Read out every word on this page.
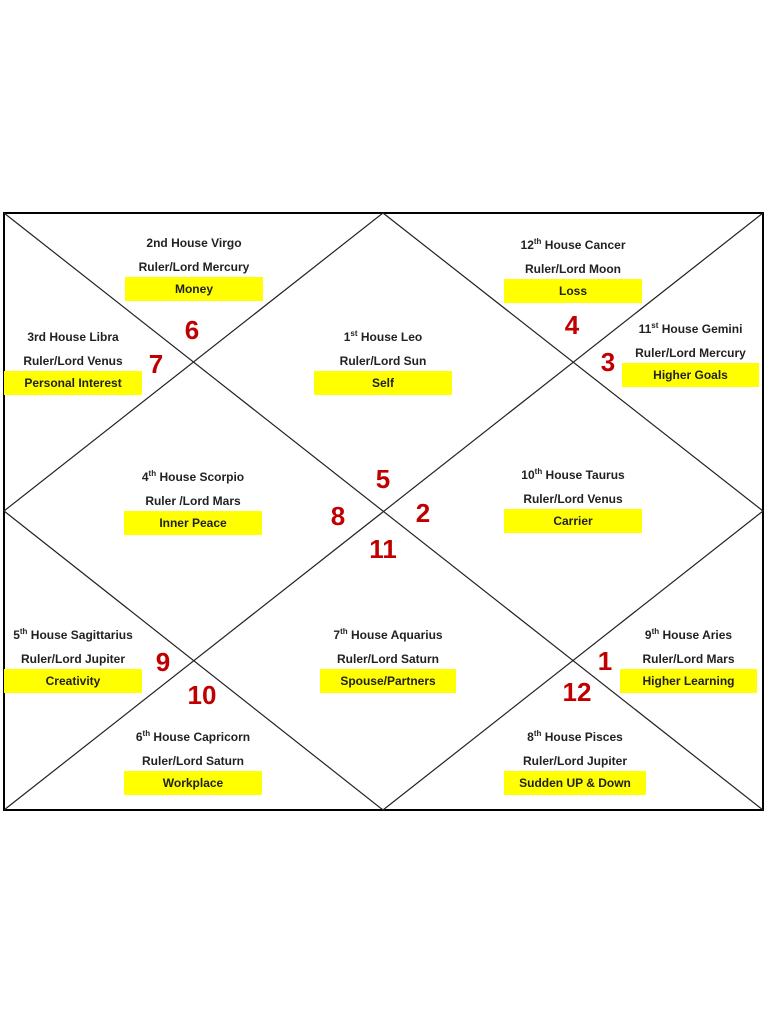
2nd House Virgo
Ruler/Lord Mercury
Money
12th House Cancer
Ruler/Lord Moon
Loss
3rd House Libra
Ruler/Lord Venus
Personal Interest
1st House Leo
Ruler/Lord Sun
Self
11st House Gemini
Ruler/Lord Mercury
Higher Goals
4th House Scorpio
Ruler /Lord Mars
Inner Peace
10th House Taurus
Ruler/Lord Venus
Carrier
5th House Sagittarius
Ruler/Lord Jupiter
Creativity
7th House Aquarius
Ruler/Lord Saturn
Spouse/Partners
9th House Aries
Ruler/Lord Mars
Higher Learning
6th House Capricorn
Ruler/Lord Saturn
Workplace
8th House Pisces
Ruler/Lord Jupiter
Sudden UP & Down
6	4
7	3
5
8	2
11
9	1
10	12
